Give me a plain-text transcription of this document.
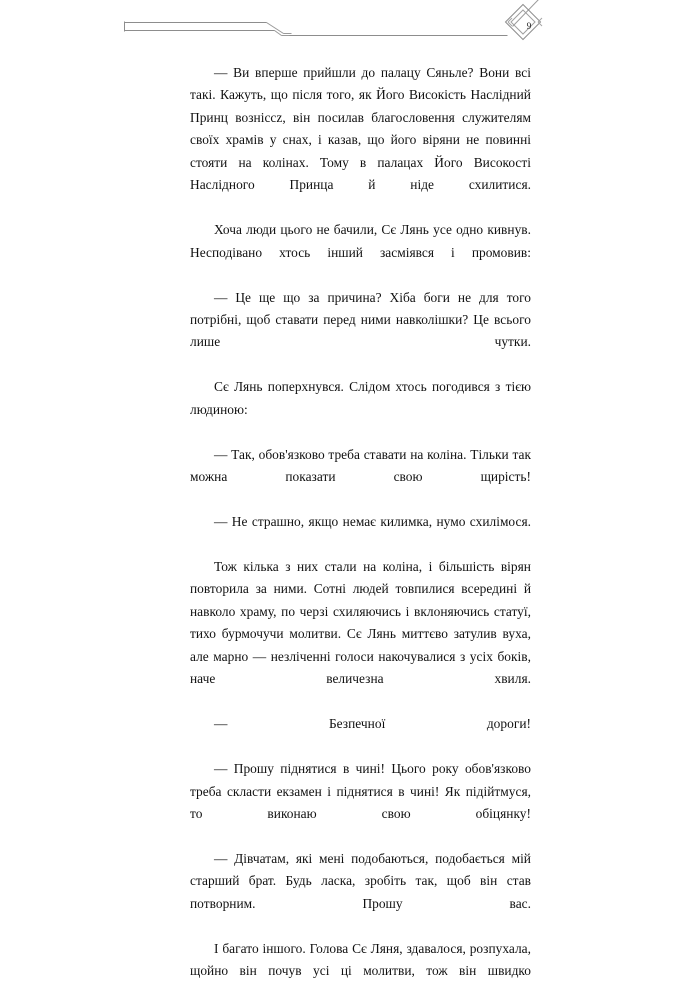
9

— Ви вперше прийшли до палацу Сяньле? Вони всі такі. Кажуть, що після того, як Його Високість Наслідний Принц возніссz, він посилав благословення служителям своїх храмів у снах, і казав, що його віряни не повинні стояти на колінах. Тому в палацах Його Високості Наслідного Принца й ніде схилитися.

Хоча люди цього не бачили, Сє Лянь усе одно кивнув. Несподівано хтось інший засміявся і промовив:

— Це ще що за причина? Хіба боги не для того потрібні, щоб ставати перед ними навколішки? Це всього лише чутки.

Сє Лянь поперхнувся. Слідом хтось погодився з тією людиною:

— Так, обов'язково треба ставати на коліна. Тільки так можна показати свою щирість!

— Не страшно, якщо немає килимка, нумо схилімося.

Тож кілька з них стали на коліна, і більшість вірян повторила за ними. Сотні людей товпилися всередині й навколо храму, по черзі схиляючись і вклоняючись статуї, тихо бурмочучи молитви. Сє Лянь миттєво затулив вуха, але марно — незліченні голоси накочувалися з усіх боків, наче величезна хвиля.

— Безпечної дороги!

— Прошу піднятися в чині! Цього року обов'язково треба скласти екзамен і піднятися в чині! Як підійтмуся, то виконаю свою обіцянку!

— Дівчатам, які мені подобаються, подобається мій старший брат. Будь ласка, зробіть так, щоб він став потворним. Прошу вас.

І багато іншого. Голова Сє Ляня, здавалося, розпухала, щойно він почув усі ці молитви, тож він швидко
